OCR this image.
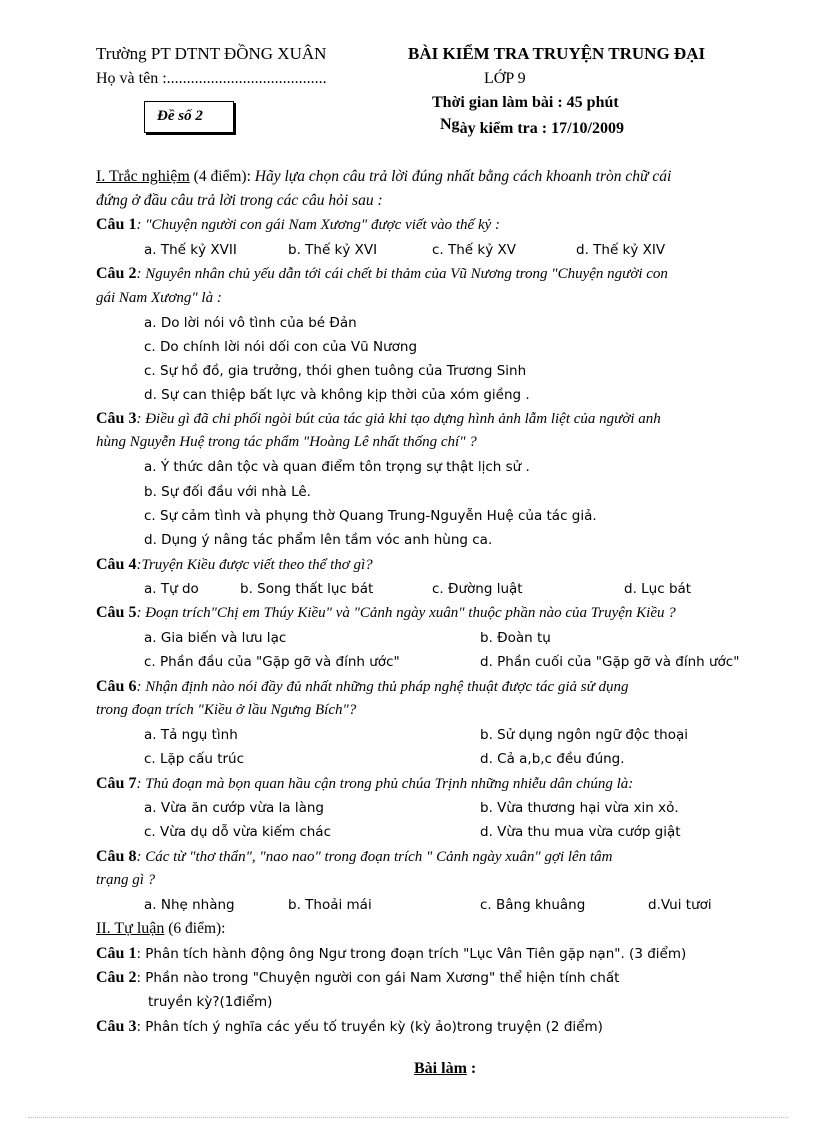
Trường PT DTNT ĐỒNG XUÂN	BÀI KIỂM TRA TRUYỆN TRUNG ĐẠI
Họ và tên :........................................	LỚP 9
Thời gian làm bài : 45 phút
Ngày kiểm tra : 17/10/2009
Đề số 2
I. Trắc nghiệm (4 điểm): Hãy lựa chọn câu trả lời đúng nhất bằng cách khoanh tròn chữ cái
đứng ở đầu câu trả lời trong các câu hỏi sau :
Câu 1: "Chuyện người con gái Nam Xương" được viết vào thế kỷ :
a. Thế kỷ XVII	b. Thế kỷ XVI	c. Thế kỷ XV	d. Thế kỷ XIV
Câu 2: Nguyên nhân chủ yếu dẫn tới cái chết bi thảm của Vũ Nương trong "Chuyện người con
gái Nam Xương" là :
a. Do lời nói vô tình của bé Đản
c. Do chính lời nói dối con của Vũ Nương
c. Sự hồ đồ, gia trưởng, thói ghen tuông của Trương Sinh
d. Sự can thiệp bất lực và không kịp thời của xóm giềng .
Câu 3: Điều gì đã chi phối ngòi bút của tác giả khi tạo dựng hình ảnh lẫm liệt của người anh
hùng Nguyễn Huệ trong tác phẩm "Hoàng Lê nhất thống chí" ?
a. Ý thức dân tộc và quan điểm tôn trọng sự thật lịch sử .
b. Sự đối đầu với nhà Lê.
c. Sự cảm tình và phụng thờ Quang Trung-Nguyễn Huệ của tác giả.
d. Dụng ý nâng tác phẩm lên tầm vóc anh hùng ca.
Câu 4:Truyện Kiều được viết theo thể thơ gì?
a. Tự do	b. Song thất lục bát	c. Đường luật	d. Lục bát
Câu 5: Đoạn trích"Chị em Thúy Kiều" và "Cảnh ngày xuân" thuộc phần nào của Truyện Kiều ?
a. Gia biến và lưu lạc	b. Đoàn tụ
c. Phần đầu của "Gặp gỡ và đính ước"	d. Phần cuối của "Gặp gỡ và đính ước"
Câu 6: Nhận định nào nói đầy đủ nhất những thủ pháp nghệ thuật được tác giả sử dụng
trong đoạn trích "Kiều ở lầu Ngưng Bích"?
a. Tả ngụ tình	b. Sử dụng ngôn ngữ độc thoại
c. Lặp cấu trúc	d. Cả a,b,c đều đúng.
Câu 7: Thủ đoạn mà bọn quan hầu cận trong phủ chúa Trịnh những nhiễu dân chúng là:
a. Vừa ăn cướp vừa la làng	b. Vừa thương hại vừa xin xỏ.
c. Vừa dụ dỗ vừa kiếm chác	d. Vừa thu mua vừa cướp giật
Câu 8: Các từ "thơ thẩn", "nao nao" trong đoạn trích " Cảnh ngày xuân" gợi lên tâm
trạng gì ?
a. Nhẹ nhàng	b. Thoải mái	c. Bâng khuâng	d.Vui tươi
II. Tự luận (6 điểm):
Câu 1: Phân tích hành động ông Ngư trong đoạn trích "Lục Vân Tiên gặp nạn". (3 điểm)
Câu 2: Phần nào trong "Chuyện người con gái Nam Xương" thể hiện tính chất
truyền kỳ?(1điểm)
Câu 3: Phân tích ý nghĩa các yếu tố truyền kỳ (kỳ ảo)trong truyện (2 điểm)
Bài làm :
